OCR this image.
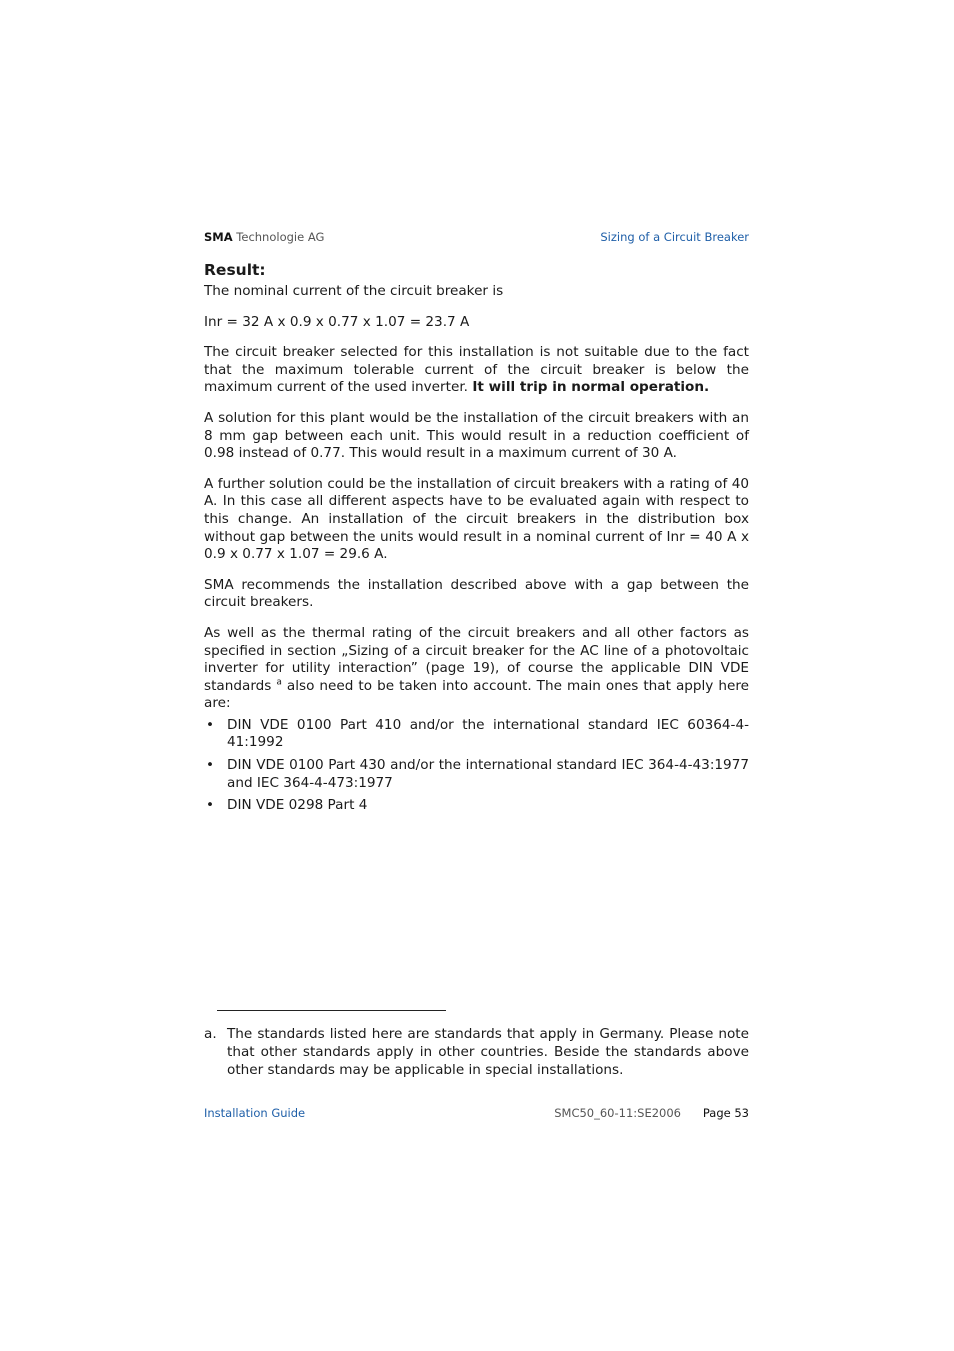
SMA Technologie AG	Sizing of a Circuit Breaker
Result:

The nominal current of the circuit breaker is

Inr = 32 A x 0.9 x 0.77 x 1.07 = 23.7 A

The circuit breaker selected for this installation is not suitable due to the fact that the maximum tolerable current of the circuit breaker is below the maximum current of the used inverter. It will trip in normal operation.

A solution for this plant would be the installation of the circuit breakers with an 8 mm gap between each unit. This would result in a reduction coefficient of 0.98 instead of 0.77. This would result in a maximum current of 30 A.

A further solution could be the installation of circuit breakers with a rating of 40 A. In this case all different aspects have to be evaluated again with respect to this change. An installation of the circuit breakers in the distribution box without gap between the units would result in a nominal current of Inr = 40 A x 0.9 x 0.77 x 1.07 = 29.6 A.

SMA recommends the installation described above with a gap between the circuit breakers.

As well as the thermal rating of the circuit breakers and all other factors as specified in section „Sizing of a circuit breaker for the AC line of a photovoltaic inverter for utility interaction” (page 19), of course the applicable DIN VDE standards $^a$ also need to be taken into account. The main ones that apply here are:

• DIN VDE 0100 Part 410 and/or the international standard IEC 60364-4-41:1992
• DIN VDE 0100 Part 430 and/or the international standard IEC 364-4-43:1977 and IEC 364-4-473:1977
• DIN VDE 0298 Part 4
a. The standards listed here are standards that apply in Germany. Please note that other standards apply in other countries. Beside the standards above other standards may be applicable in special installations.

Installation Guide	SMC50_60-11:SE2006 Page 53
